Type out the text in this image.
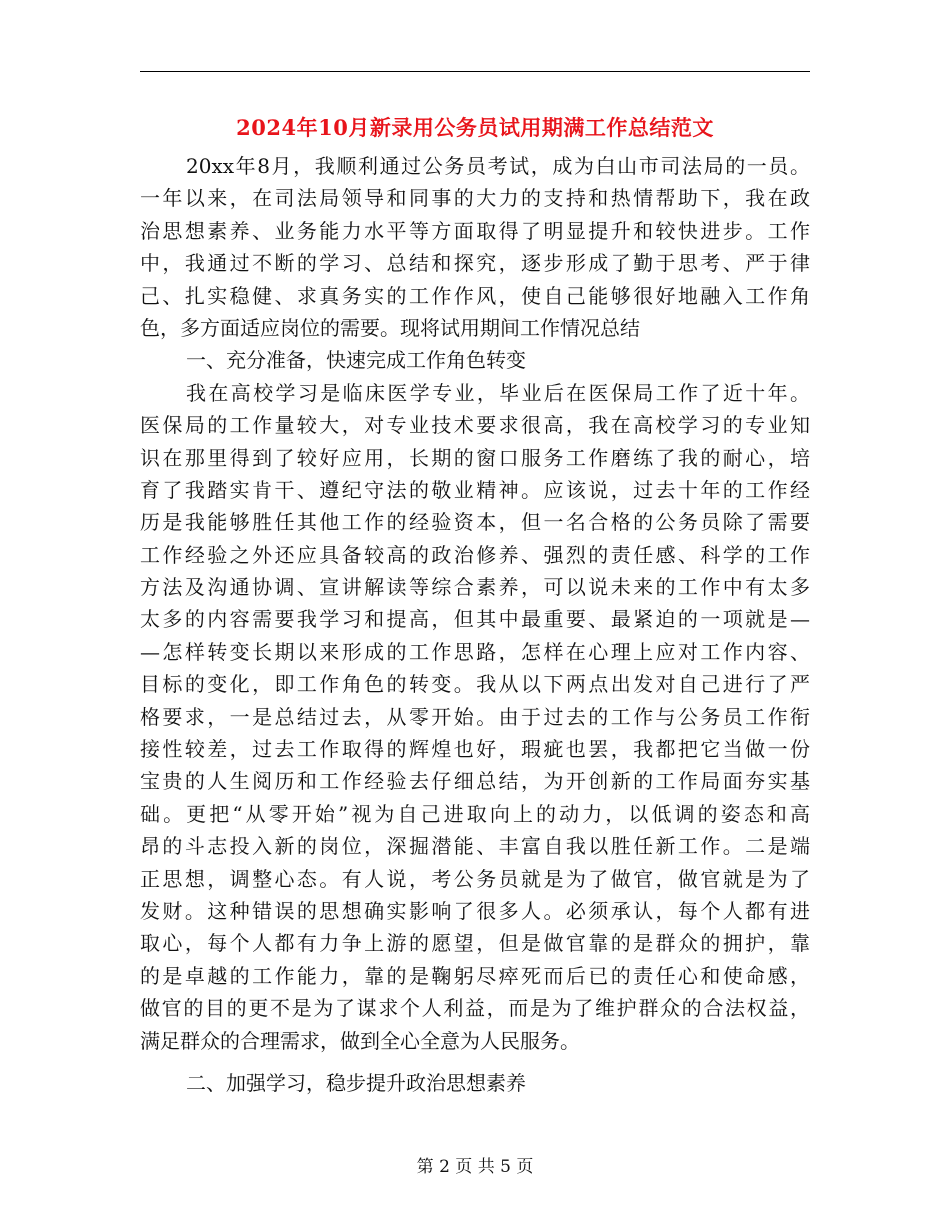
2024年10月新录用公务员试用期满工作总结范文
20xx年8月，我顺利通过公务员考试，成为白山市司法局的一员。
一年以来，在司法局领导和同事的大力的支持和热情帮助下，我在政
治思想素养、业务能力水平等方面取得了明显提升和较快进步。工作
中，我通过不断的学习、总结和探究，逐步形成了勤于思考、严于律
己、扎实稳健、求真务实的工作作风，使自己能够很好地融入工作角
色，多方面适应岗位的需要。现将试用期间工作情况总结
一、充分准备，快速完成工作角色转变
我在高校学习是临床医学专业，毕业后在医保局工作了近十年。
医保局的工作量较大，对专业技术要求很高，我在高校学习的专业知
识在那里得到了较好应用，长期的窗口服务工作磨练了我的耐心，培
育了我踏实肯干、遵纪守法的敬业精神。应该说，过去十年的工作经
历是我能够胜任其他工作的经验资本，但一名合格的公务员除了需要
工作经验之外还应具备较高的政治修养、强烈的责任感、科学的工作
方法及沟通协调、宣讲解读等综合素养，可以说未来的工作中有太多
太多的内容需要我学习和提高，但其中最重要、最紧迫的一项就是—
—怎样转变长期以来形成的工作思路，怎样在心理上应对工作内容、
目标的变化，即工作角色的转变。我从以下两点出发对自己进行了严
格要求，一是总结过去，从零开始。由于过去的工作与公务员工作衔
接性较差，过去工作取得的辉煌也好，瑕疵也罢，我都把它当做一份
宝贵的人生阅历和工作经验去仔细总结，为开创新的工作局面夯实基
础。更把“从零开始”视为自己进取向上的动力，以低调的姿态和高
昂的斗志投入新的岗位，深掘潜能、丰富自我以胜任新工作。二是端
正思想，调整心态。有人说，考公务员就是为了做官，做官就是为了
发财。这种错误的思想确实影响了很多人。必须承认，每个人都有进
取心，每个人都有力争上游的愿望，但是做官靠的是群众的拥护，靠
的是卓越的工作能力，靠的是鞠躬尽瘁死而后已的责任心和使命感，
做官的目的更不是为了谋求个人利益，而是为了维护群众的合法权益，
满足群众的合理需求，做到全心全意为人民服务。
二、加强学习，稳步提升政治思想素养
第 2 页 共 5 页
